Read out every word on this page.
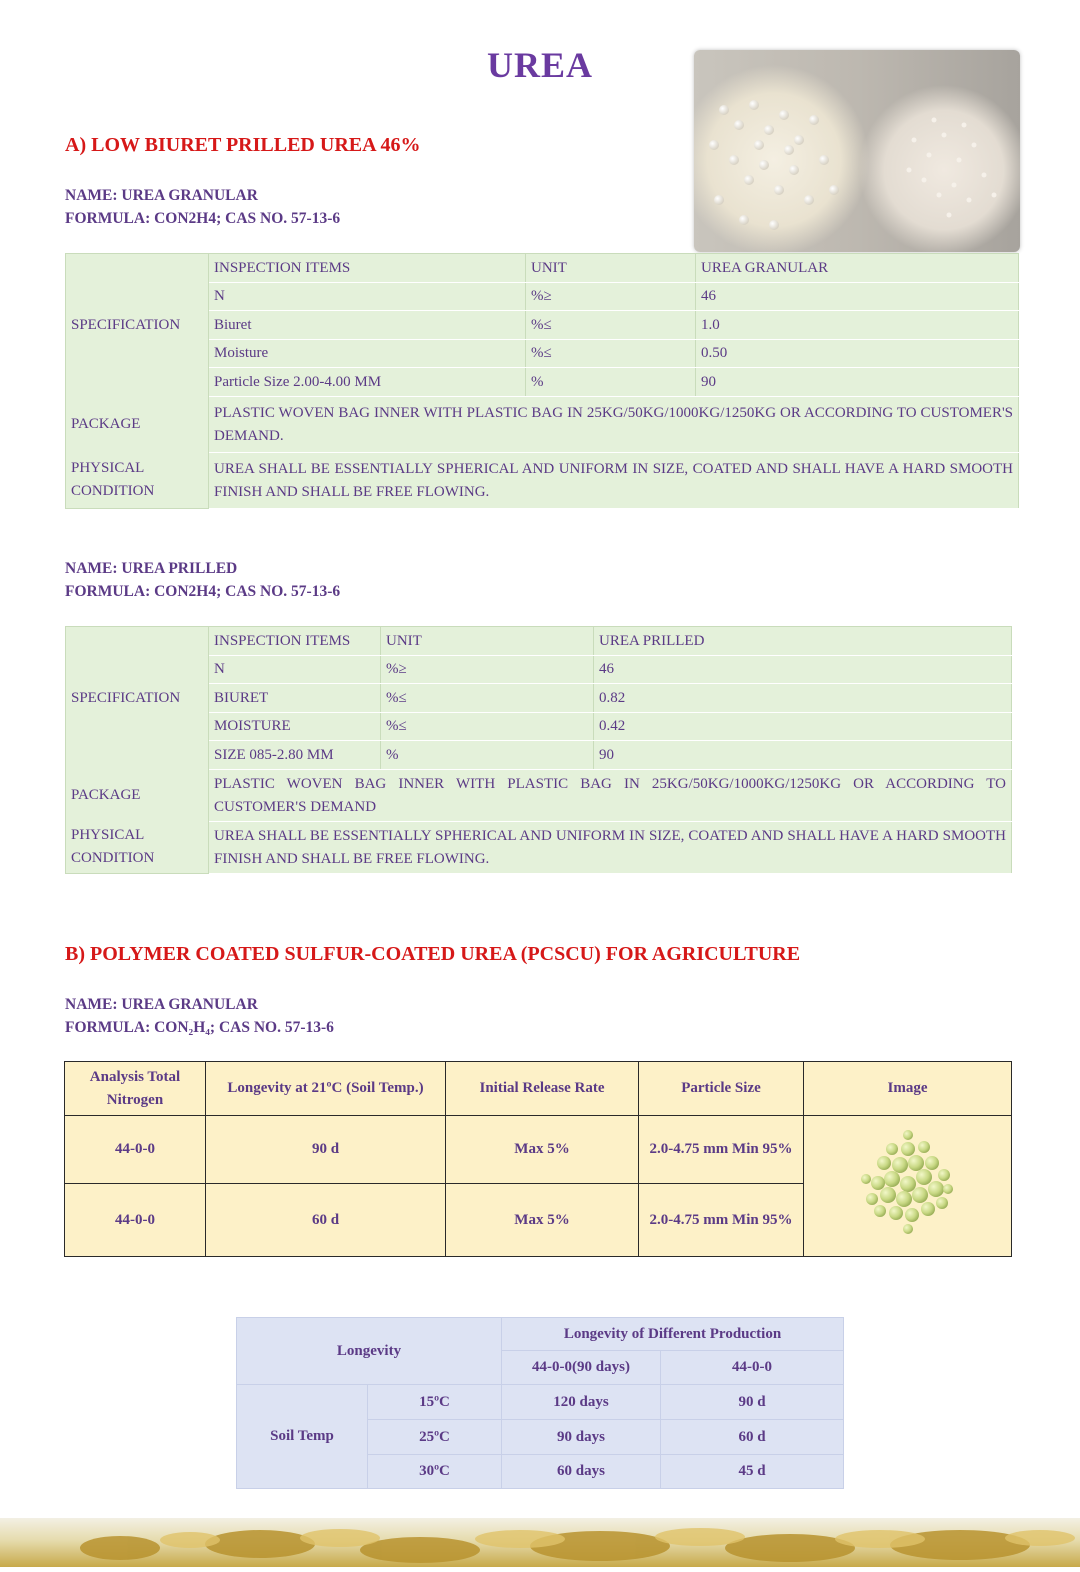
UREA
A) LOW BIURET PRILLED UREA 46%
NAME: UREA GRANULAR
FORMULA: CON2H4; CAS NO. 57-13-6
SPECIFICATION	INSPECTION ITEMS	UNIT	UREA GRANULAR
	N	%≥	46
	Biuret	%≤	1.0
	Moisture	%≤	0.50
	Particle Size 2.00-4.00 MM	%	90
PACKAGE	PLASTIC WOVEN BAG INNER WITH PLASTIC BAG IN 25KG/50KG/1000KG/1250KG OR ACCORDING TO CUSTOMER'S DEMAND.		
PHYSICAL CONDITION	UREA SHALL BE ESSENTIALLY SPHERICAL AND UNIFORM IN SIZE, COATED AND SHALL HAVE A HARD SMOOTH FINISH AND SHALL BE FREE FLOWING.		
NAME: UREA PRILLED
FORMULA: CON2H4; CAS NO. 57-13-6
SPECIFICATION	INSPECTION ITEMS	UNIT	UREA PRILLED
	N	%≥	46
	BIURET	%≤	0.82
	MOISTURE	%≤	0.42
	SIZE 085-2.80 MM	%	90
PACKAGE	PLASTIC WOVEN BAG INNER WITH PLASTIC BAG IN 25KG/50KG/1000KG/1250KG OR ACCORDING TO CUSTOMER'S DEMAND		
PHYSICAL CONDITION	UREA SHALL BE ESSENTIALLY SPHERICAL AND UNIFORM IN SIZE, COATED AND SHALL HAVE A HARD SMOOTH FINISH AND SHALL BE FREE FLOWING.		
B) POLYMER COATED SULFUR-COATED UREA (PCSCU) FOR AGRICULTURE
NAME: UREA GRANULAR
FORMULA: CON₂H₄; CAS NO. 57-13-6
Analysis Total Nitrogen	Longevity at 21ºC (Soil Temp.)	Initial Release Rate	Particle Size	Image
44-0-0	90 d	Max 5%	2.0-4.75 mm Min 95%	
44-0-0	60 d	Max 5%	2.0-4.75 mm Min 95%	
Longevity		Longevity of Different Production	
		44-0-0(90 days)	44-0-0
Soil Temp	15ºC	120 days	90 d
	25ºC	90 days	60 d
	30ºC	60 days	45 d
